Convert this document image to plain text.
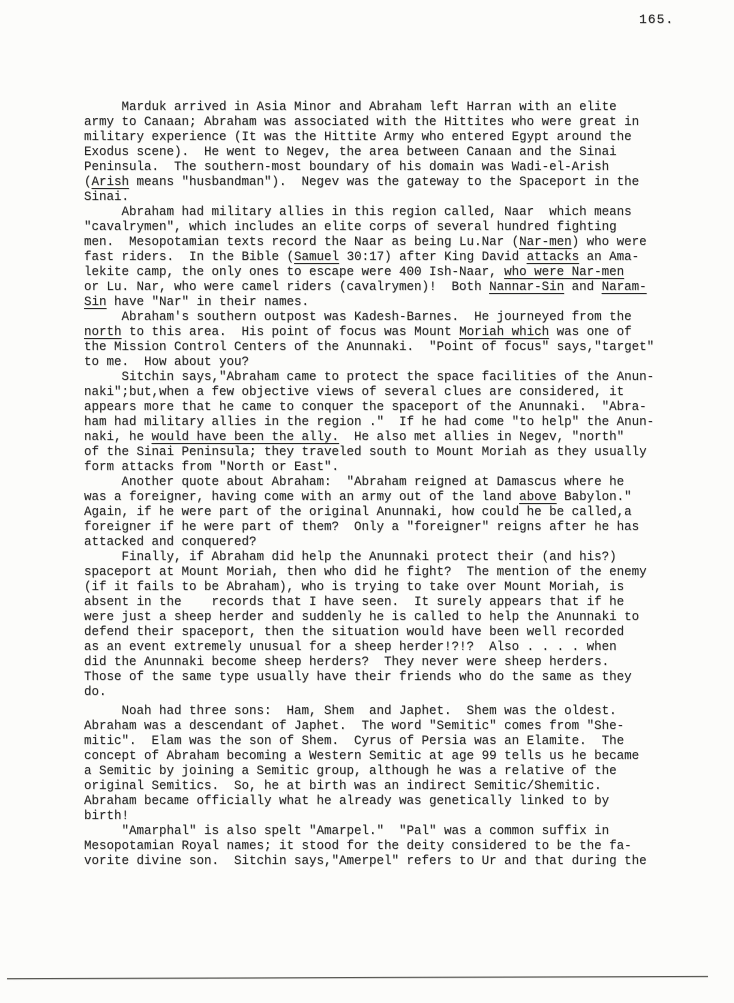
165.
Marduk arrived in Asia Minor and Abraham left Harran with an elite
army to Canaan; Abraham was associated with the Hittites who were great in
military experience (It was the Hittite Army who entered Egypt around the
Exodus scene).  He went to Negev, the area between Canaan and the Sinai
Peninsula.  The southern-most boundary of his domain was Wadi-el-Arish
(Arish means "husbandman").  Negev was the gateway to the Spaceport in the
Sinai.
Abraham had military allies in this region called, Naar  which means
"cavalrymen", which includes an elite corps of several hundred fighting
men.  Mesopotamian texts record the Naar as being Lu.Nar (Nar-men) who were
fast riders.  In the Bible (Samuel 30:17) after King David attacks an Ama-
lekite camp, the only ones to escape were 400 Ish-Naar, who were Nar-men
or Lu. Nar, who were camel riders (cavalrymen)!  Both Nannar-Sin and Naram-
Sin have "Nar" in their names.
Abraham's southern outpost was Kadesh-Barnes.  He journeyed from the
north to this area.  His point of focus was Mount Moriah which was one of
the Mission Control Centers of the Anunnaki.  "Point of focus" says,"target"
to me.  How about you?
Sitchin says,"Abraham came to protect the space facilities of the Anun-
naki";but,when a few objective views of several clues are considered, it
appears more that he came to conquer the spaceport of the Anunnaki.  "Abra-
ham had military allies in the region ."  If he had come "to help" the Anun-
naki, he would have been the ally.  He also met allies in Negev, "north"
of the Sinai Peninsula; they traveled south to Mount Moriah as they usually
form attacks from "North or East".
Another quote about Abraham:  "Abraham reigned at Damascus where he
was a foreigner, having come with an army out of the land above Babylon."
Again, if he were part of the original Anunnaki, how could he be called,a
foreigner if he were part of them?  Only a "foreigner" reigns after he has
attacked and conquered?
Finally, if Abraham did help the Anunnaki protect their (and his?)
spaceport at Mount Moriah, then who did he fight?  The mention of the enemy
(if it fails to be Abraham), who is trying to take over Mount Moriah, is
absent in the    records that I have seen.  It surely appears that if he
were just a sheep herder and suddenly he is called to help the Anunnaki to
defend their spaceport, then the situation would have been well recorded
as an event extremely unusual for a sheep herder!?!?  Also . . . . when
did the Anunnaki become sheep herders?  They never were sheep herders.
Those of the same type usually have their friends who do the same as they
do.
Noah had three sons:  Ham, Shem  and Japhet.  Shem was the oldest.
Abraham was a descendant of Japhet.  The word "Semitic" comes from "She-
mitic".  Elam was the son of Shem.  Cyrus of Persia was an Elamite.  The
concept of Abraham becoming a Western Semitic at age 99 tells us he became
a Semitic by joining a Semitic group, although he was a relative of the
original Semitics.  So, he at birth was an indirect Semitic/Shemitic.
Abraham became officially what he already was genetically linked to by
birth!
"Amarphal" is also spelt "Amarpel."  "Pal" was a common suffix in
Mesopotamian Royal names; it stood for the deity considered to be the fa-
vorite divine son.  Sitchin says,"Amerpel" refers to Ur and that during the
